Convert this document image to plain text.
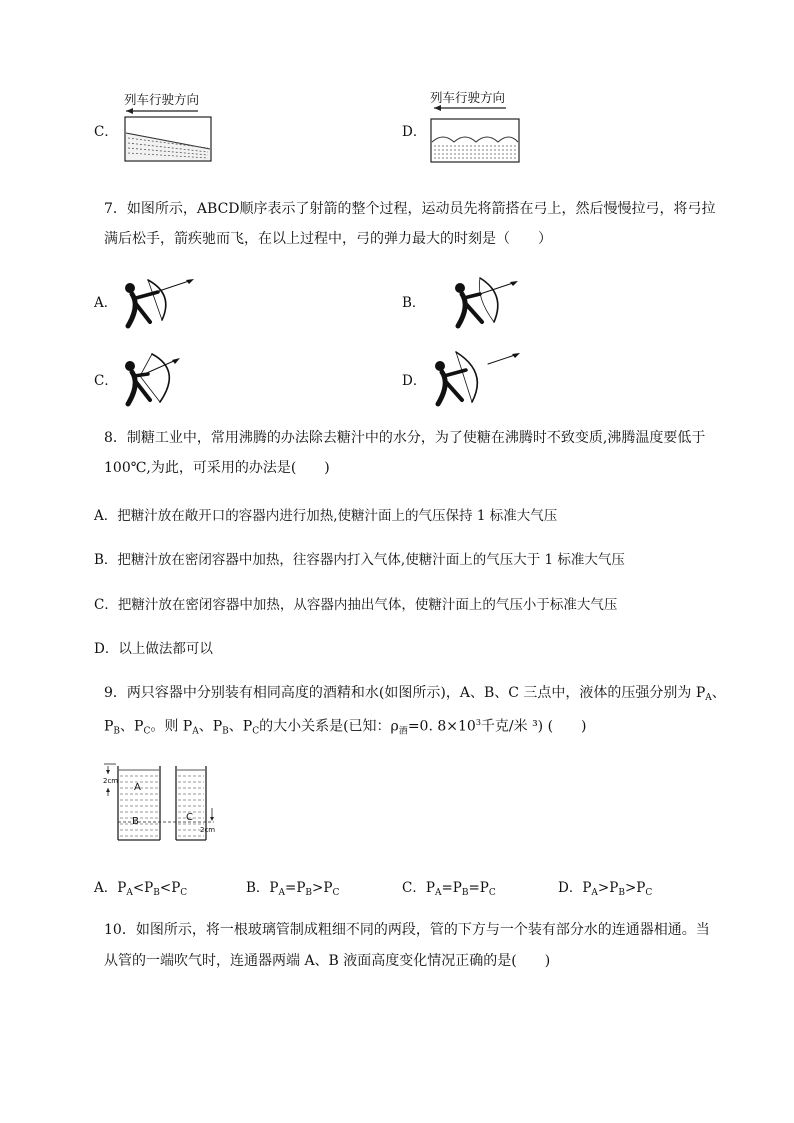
C．
列车行驶方向
D．
列车行驶方向
7．如图所示，ABCD顺序表示了射箭的整个过程，运动员先将箭搭在弓上，然后慢慢拉弓，将弓拉
满后松手，箭疾驰而飞，在以上过程中，弓的弹力最大的时刻是（　　）
A．	B．
C．	D．
8．制糖工业中，常用沸腾的办法除去糖汁中的水分，为了使糖在沸腾时不致变质,沸腾温度要低于
100℃,为此，可采用的办法是(　　)
A．把糖汁放在敞开口的容器内进行加热,使糖汁面上的气压保持 1 标准大气压
B．把糖汁放在密闭容器中加热，往容器内打入气体,使糖汁面上的气压大于 1 标准大气压
C．把糖汁放在密闭容器中加热，从容器内抽出气体，使糖汁面上的气压小于标准大气压
D．以上做法都可以
9．两只容器中分别装有相同高度的酒精和水(如图所示)，A、B、C 三点中，液体的压强分别为 $P_A$、
$P_B$、$P_C$。则 $P_A$、$P_B$、$P_C$的大小关系是(已知：$\rho_酒=0$. $8\times 10^3$千克/米 ³) (　　)
2cm
2cm
A
B	C
A．$P_A<P_B<P_C$	B．$P_A=P_B>P_C$	C．$P_A=P_B=P_C$	D．$P_A>P_B>P_C$
10．如图所示，将一根玻璃管制成粗细不同的两段，管的下方与一个装有部分水的连通器相通。当
从管的一端吹气时，连通器两端 A、B 液面高度变化情况正确的是(　　)
